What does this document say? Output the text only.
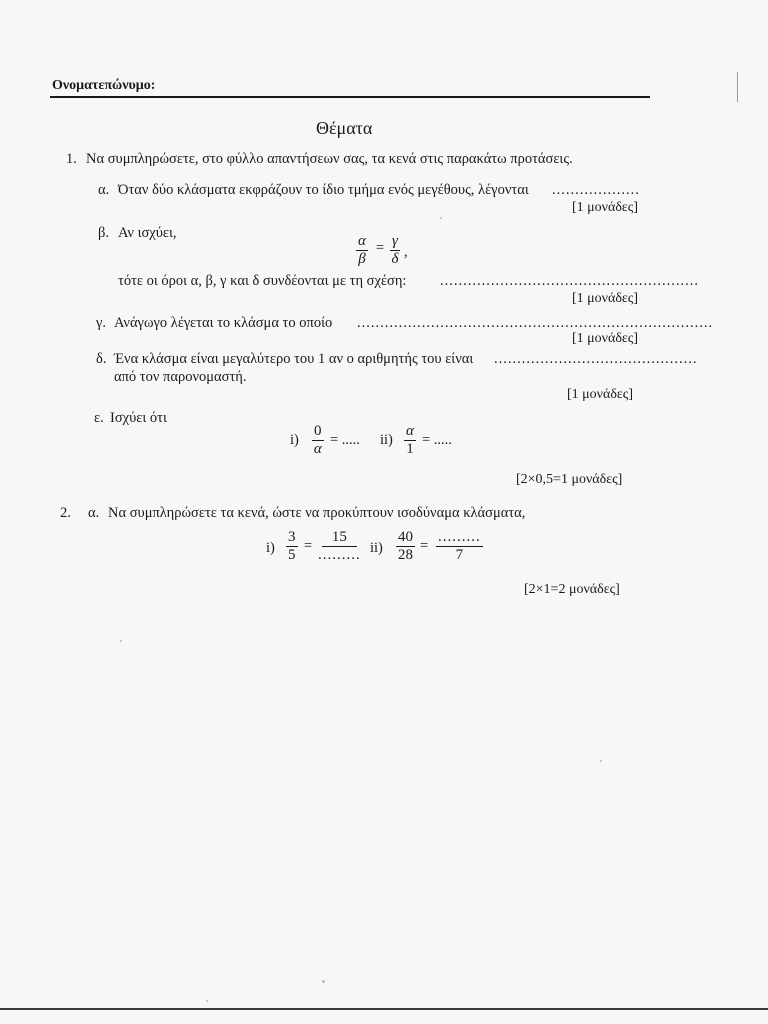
Ονοματεπώνυμο:
Θέματα
1. Να συμπληρώσετε, στο φύλλο απαντήσεων σας, τα κενά στις παρακάτω προτάσεις.
α. Όταν δύο κλάσματα εκφράζουν το ίδιο τμήμα ενός μεγέθους, λέγονται ...................
[1 μονάδες]
β. Αν ισχύει,
$\frac{\alpha}{\beta} = \frac{\gamma}{\delta}$ ,
τότε οι όροι α, β, γ και δ συνδέονται με τη σχέση: ........................................................
[1 μονάδες]
γ. Ανάγωγο λέγεται το κλάσμα το οποίο .............................................................................
[1 μονάδες]
δ. Ένα κλάσμα είναι μεγαλύτερο του 1 αν ο αριθμητής του είναι ............................................
από τον παρονομαστή.
[1 μονάδες]
ε. Ισχύει ότι
$i) \frac{0}{\alpha}$ = ..... $ii) \frac{\alpha}{1}$ = .....
[2×0,5=1 μονάδες]
2. α. Να συμπληρώσετε τα κενά, ώστε να προκύπτουν ισοδύναμα κλάσματα,
$i) \frac{3}{5}$ =
15
......... $ii) \frac{40}{28}$ =
.........
7
[2×1=2 μονάδες]
